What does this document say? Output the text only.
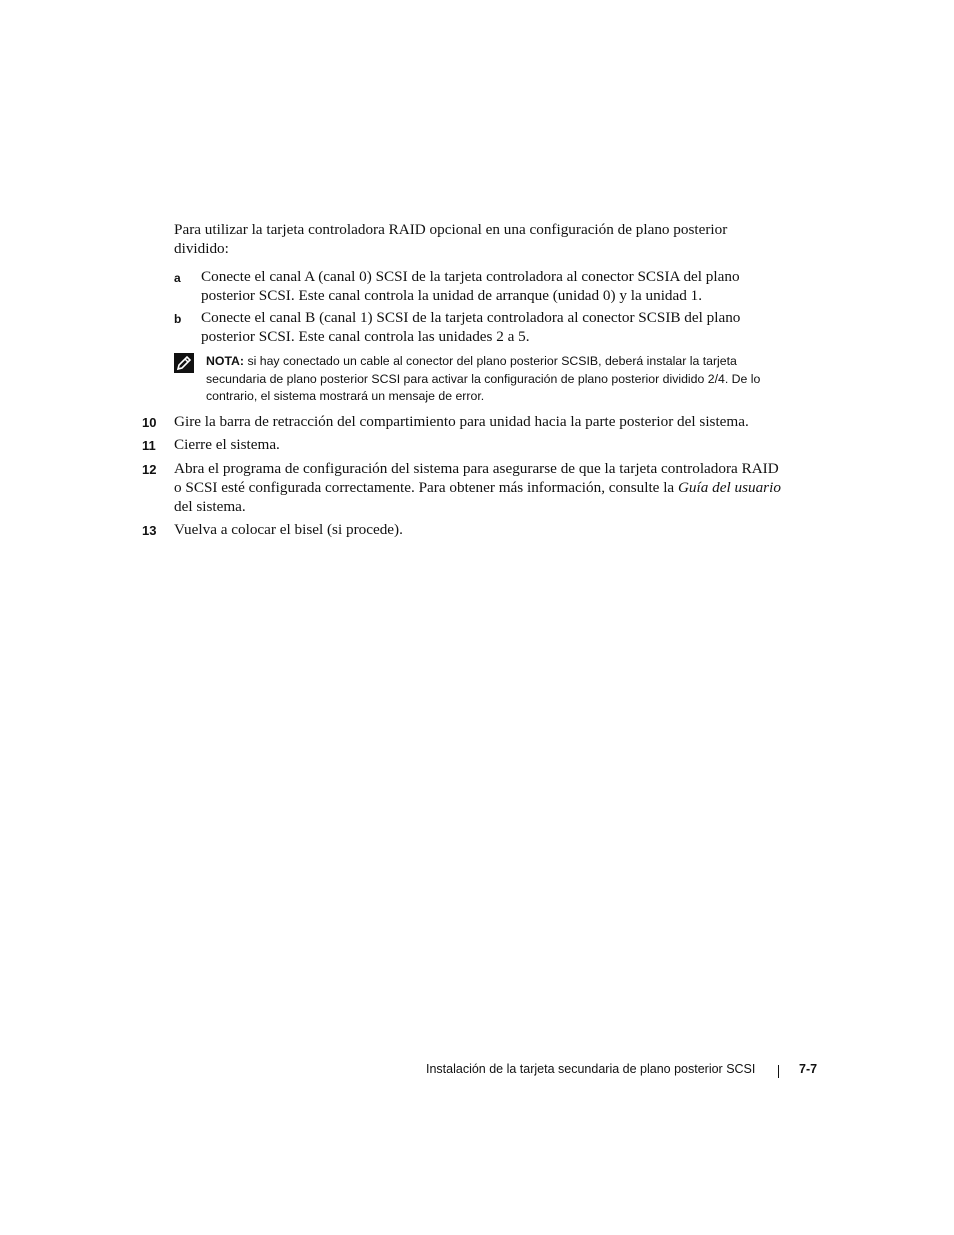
Para utilizar la tarjeta controladora RAID opcional en una configuración de plano posterior dividido:
a Conecte el canal A (canal 0) SCSI de la tarjeta controladora al conector SCSIA del plano posterior SCSI. Este canal controla la unidad de arranque (unidad 0) y la unidad 1.
b Conecte el canal B (canal 1) SCSI de la tarjeta controladora al conector SCSIB del plano posterior SCSI. Este canal controla las unidades 2 a 5.
NOTA: si hay conectado un cable al conector del plano posterior SCSIB, deberá instalar la tarjeta secundaria de plano posterior SCSI para activar la configuración de plano posterior dividido 2/4. De lo contrario, el sistema mostrará un mensaje de error.
10	Gire la barra de retracción del compartimiento para unidad hacia la parte posterior del sistema.
11	Cierre el sistema.
12	Abra el programa de configuración del sistema para asegurarse de que la tarjeta controladora RAID o SCSI esté configurada correctamente. Para obtener más información, consulte la Guía del usuario del sistema.
13	Vuelva a colocar el bisel (si procede).
Instalación de la tarjeta secundaria de plano posterior SCSI	7-7
